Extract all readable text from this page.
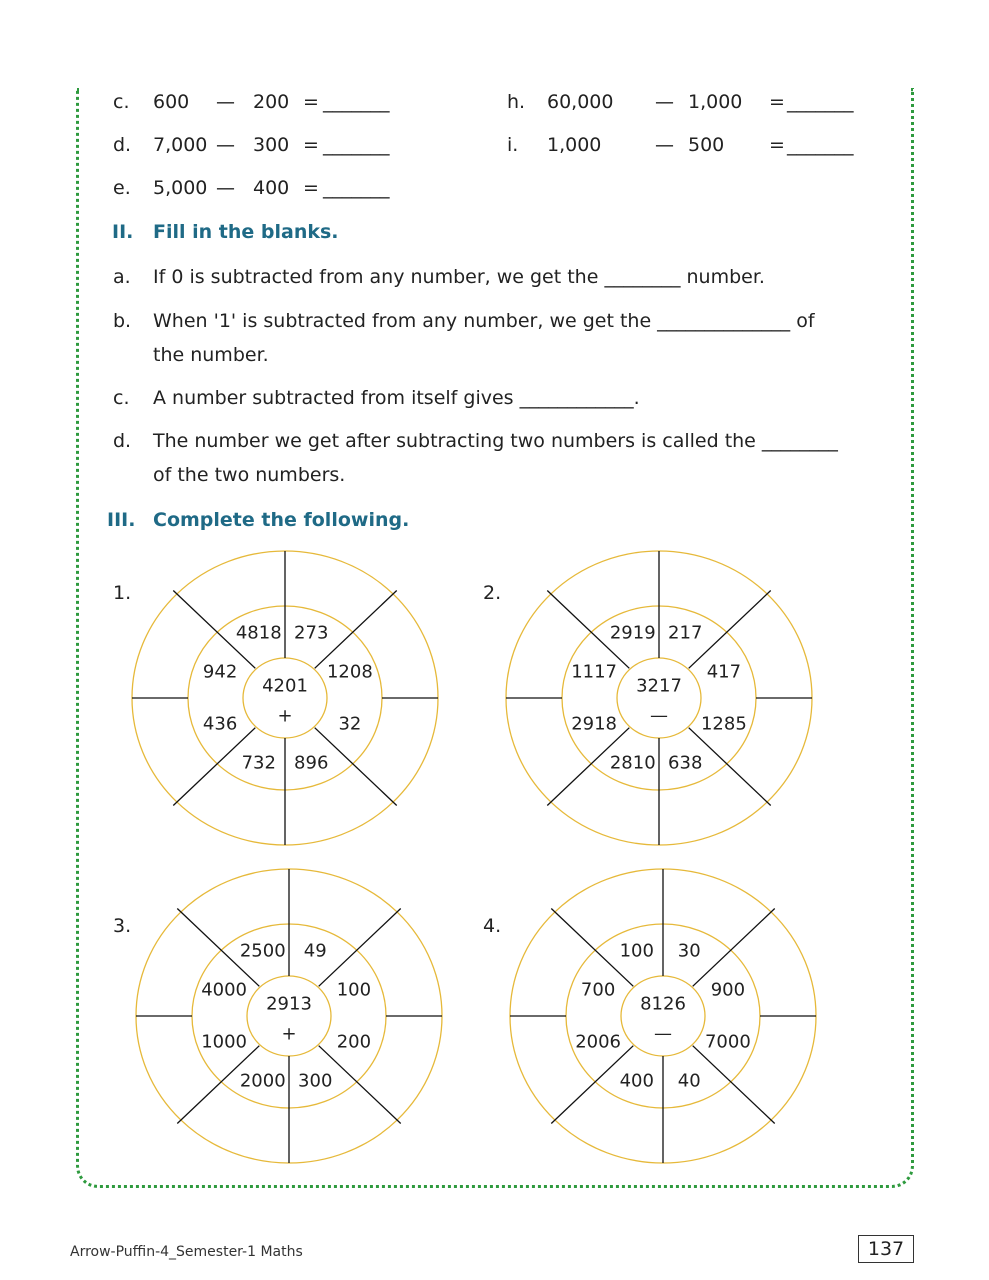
c. 600 — 200 = _______
d. 7,000 — 300 = _______
e. 5,000 — 400 = _______
h. 60,000 — 1,000 = _______
i. 1,000	— 500 = _______
II. Fill in the blanks.
a. If 0 is subtracted from any number, we get the ________ number.
b. When '1' is subtracted from any number, we get the ______________ of
the number.
c. A number subtracted from itself gives ____________.
d. The number we get after subtracting two numbers is called the ________
of the two numbers.
III. Complete the following.
1.
4201
+
4818 273
1208
32
896
732
436
942
2.
3217
—
2919 217
417
1285
638
2810
2918
1117
3.
2913
+
2500 49
100
200
300
2000
1000
4000
4.
8126
—
100 30
900
7000
40
400
2006
700
Arrow-Puffin-4_Semester-1 Maths	137
